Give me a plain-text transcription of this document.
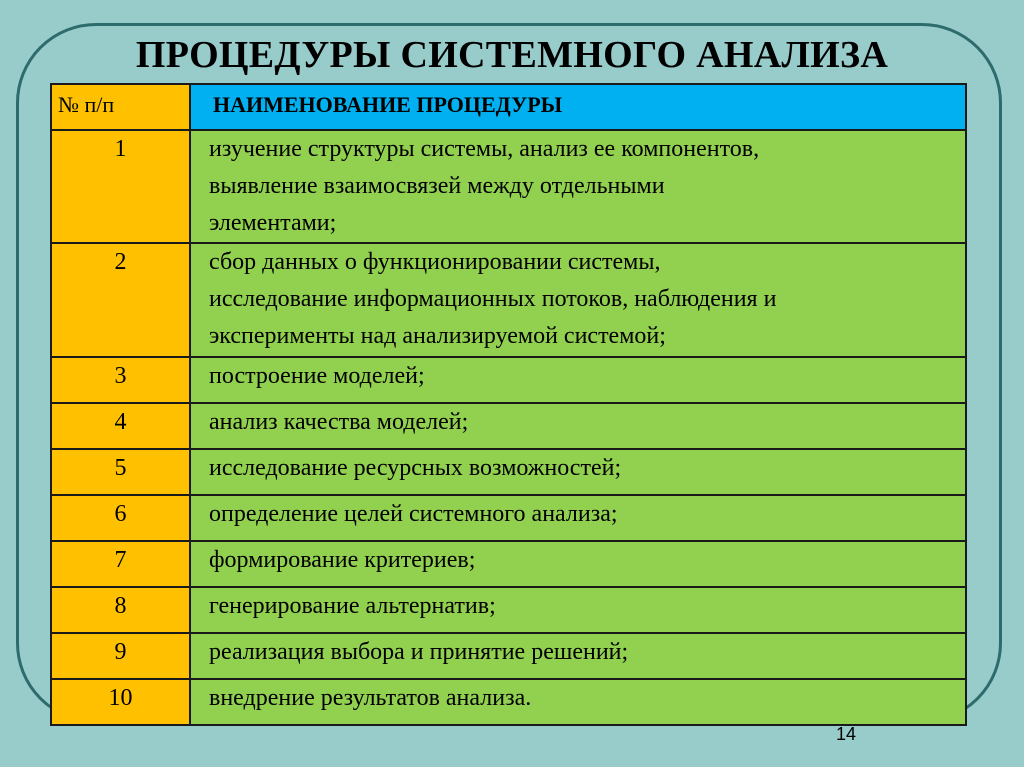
ПРОЦЕДУРЫ СИСТЕМНОГО АНАЛИЗА
№ п/п	НАИМЕНОВАНИЕ ПРОЦЕДУРЫ

1	изучение структуры системы, анализ ее компонентов,
выявление взаимосвязей между отдельными
элементами;

2	сбор данных о функционировании системы,
исследование информационных потоков, наблюдения и
эксперименты над анализируемой системой;

3	построение моделей;

4	анализ качества моделей;

5	исследование ресурсных возможностей;

6	определение целей системного анализа;

7	формирование критериев;

8	генерирование альтернатив;

9	реализация выбора и принятие решений;

10	внедрение результатов анализа.
14
